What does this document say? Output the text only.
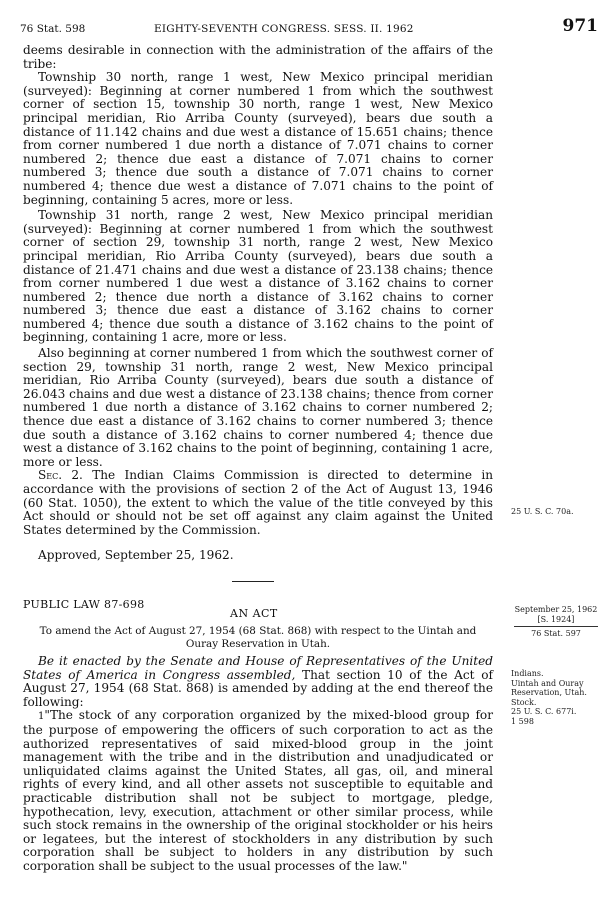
76 Stat. 598	EIGHTY-SEVENTH CONGRESS. SESS. II. 1962	971

deems desirable in connection with the administration of the affairs of the tribe:

Township 30 north, range 1 west, New Mexico principal meridian (surveyed): Beginning at corner numbered 1 from which the southwest corner of section 15, township 30 north, range 1 west, New Mexico principal meridian, Rio Arriba County (surveyed), bears due south a distance of 11.142 chains and due west a distance of 15.651 chains; thence from corner numbered 1 due north a distance of 7.071 chains to corner numbered 2; thence due east a distance of 7.071 chains to corner numbered 3; thence due south a distance of 7.071 chains to corner numbered 4; thence due west a distance of 7.071 chains to the point of beginning, containing 5 acres, more or less.

Township 31 north, range 2 west, New Mexico principal meridian (surveyed): Beginning at corner numbered 1 from which the southwest corner of section 29, township 31 north, range 2 west, New Mexico principal meridian, Rio Arriba County (surveyed), bears due south a distance of 21.471 chains and due west a distance of 23.138 chains; thence from corner numbered 1 due west a distance of 3.162 chains to corner numbered 2; thence due north a distance of 3.162 chains to corner numbered 3; thence due east a distance of 3.162 chains to corner numbered 4; thence due south a distance of 3.162 chains to the point of beginning, containing 1 acre, more or less.

Also beginning at corner numbered 1 from which the southwest corner of section 29, township 31 north, range 2 west, New Mexico principal meridian, Rio Arriba County (surveyed), bears due south a distance of 26.043 chains and due west a distance of 23.138 chains; thence from corner numbered 1 due north a distance of 3.162 chains to corner numbered 2; thence due east a distance of 3.162 chains to corner numbered 3; thence due south a distance of 3.162 chains to corner numbered 4; thence due west a distance of 3.162 chains to the point of beginning, containing 1 acre, more or less.

Sec. 2. The Indian Claims Commission is directed to determine in accordance with the provisions of section 2 of the Act of August 13, 1946 (60 Stat. 1050), the extent to which the value of the title conveyed by this Act should or should not be set off against any claim against the United States determined by the Commission.

25 U. S. C. 70a.
Approved, September 25, 1962.
PUBLIC LAW 87-698
AN ACT
To amend the Act of August 27, 1954 (68 Stat. 868) with respect to the Uintah and Ouray Reservation in Utah.
September 25, 1962
[S. 1924]
76 Stat. 597

Be it enacted by the Senate and House of Representatives of the United States of America in Congress assembled, That section 10 of the Act of August 27, 1954 (68 Stat. 868) is amended by adding at the end thereof the following:

1"The stock of any corporation organized by the mixed-blood group for the purpose of empowering the officers of such corporation to act as the authorized representatives of said mixed-blood group in the joint management with the tribe and in the distribution and unadjudicated or unliquidated claims against the United States, all gas, oil, and mineral rights of every kind, and all other assets not susceptible to equitable and practicable distribution shall not be subject to mortgage, pledge, hypothecation, levy, execution, attachment or other similar process, while such stock remains in the ownership of the original stockholder or his heirs or legatees, but the interest of stockholders in any distribution by such corporation shall be subject to holders in any distribution by such corporation shall be subject to the usual processes of the law."

Indians.
Uintah and Ouray
Reservation, Utah.
Stock.
25 U. S. C. 677i.
1 598
